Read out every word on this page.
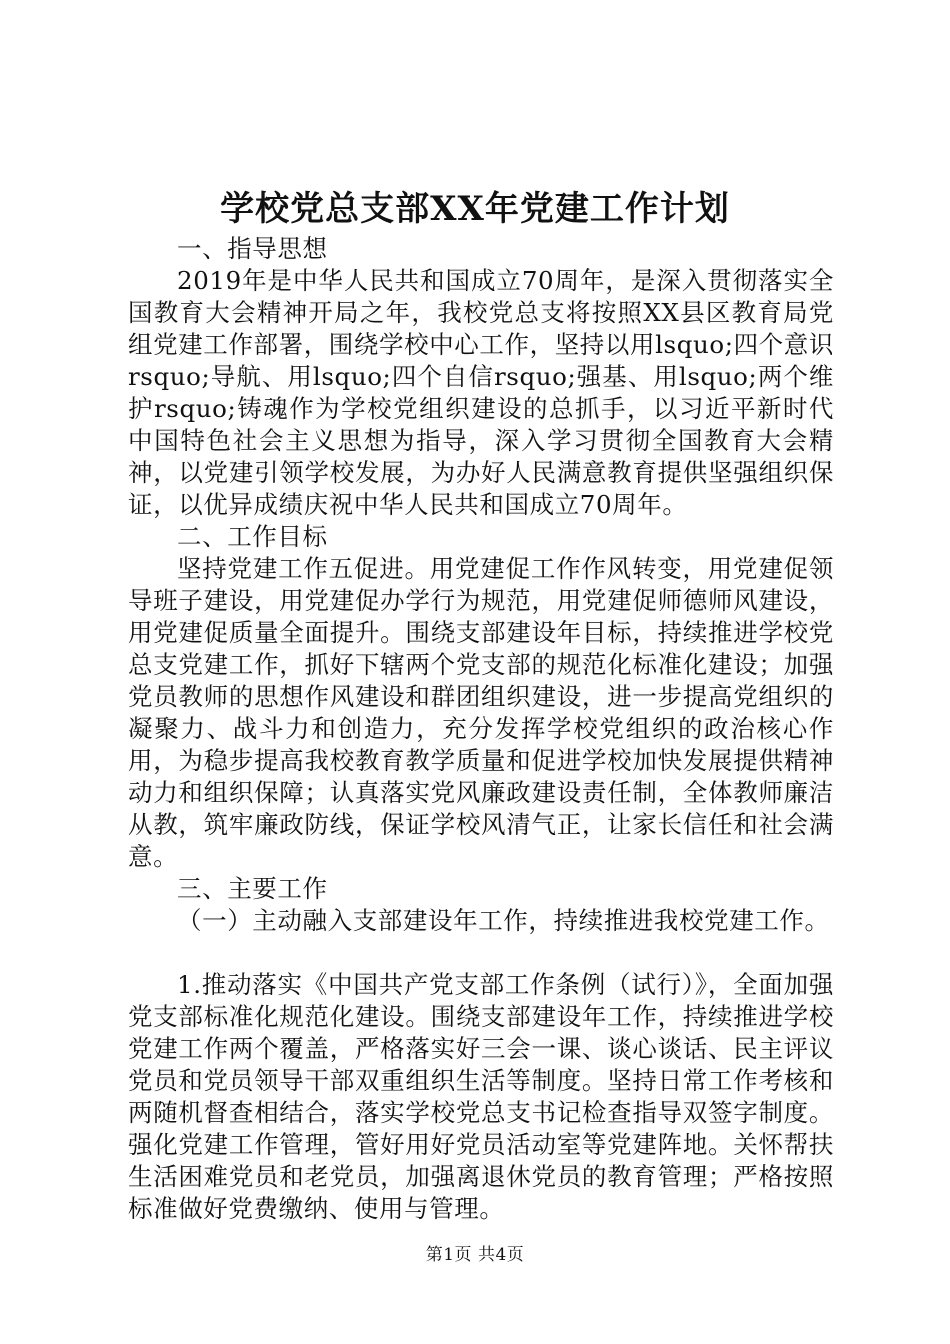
学校党总支部XX年党建工作计划

一、指导思想

2019年是中华人民共和国成立70周年，是深入贯彻落实全国教育大会精神开局之年，我校党总支将按照XX县区教育局党组党建工作部署，围绕学校中心工作，坚持以用lsquo;四个意识rsquo;导航、用lsquo;四个自信rsquo;强基、用lsquo;两个维护rsquo;铸魂作为学校党组织建设的总抓手，以习近平新时代中国特色社会主义思想为指导，深入学习贯彻全国教育大会精神，以党建引领学校发展，为办好人民满意教育提供坚强组织保证，以优异成绩庆祝中华人民共和国成立70周年。

二、工作目标

坚持党建工作五促进。用党建促工作作风转变，用党建促领导班子建设，用党建促办学行为规范，用党建促师德师风建设，用党建促质量全面提升。围绕支部建设年目标，持续推进学校党总支党建工作，抓好下辖两个党支部的规范化标准化建设；加强党员教师的思想作风建设和群团组织建设，进一步提高党组织的凝聚力、战斗力和创造力，充分发挥学校党组织的政治核心作用，为稳步提高我校教育教学质量和促进学校加快发展提供精神动力和组织保障；认真落实党风廉政建设责任制，全体教师廉洁从教，筑牢廉政防线，保证学校风清气正，让家长信任和社会满意。

三、主要工作

（一）主动融入支部建设年工作，持续推进我校党建工作。

1.推动落实《中国共产党支部工作条例（试行）》，全面加强党支部标准化规范化建设。围绕支部建设年工作，持续推进学校党建工作两个覆盖，严格落实好三会一课、谈心谈话、民主评议党员和党员领导干部双重组织生活等制度。坚持日常工作考核和两随机督查相结合，落实学校党总支书记检查指导双签字制度。强化党建工作管理，管好用好党员活动室等党建阵地。关怀帮扶生活困难党员和老党员，加强离退休党员的教育管理；严格按照标准做好党费缴纳、使用与管理。

第1页 共4页
